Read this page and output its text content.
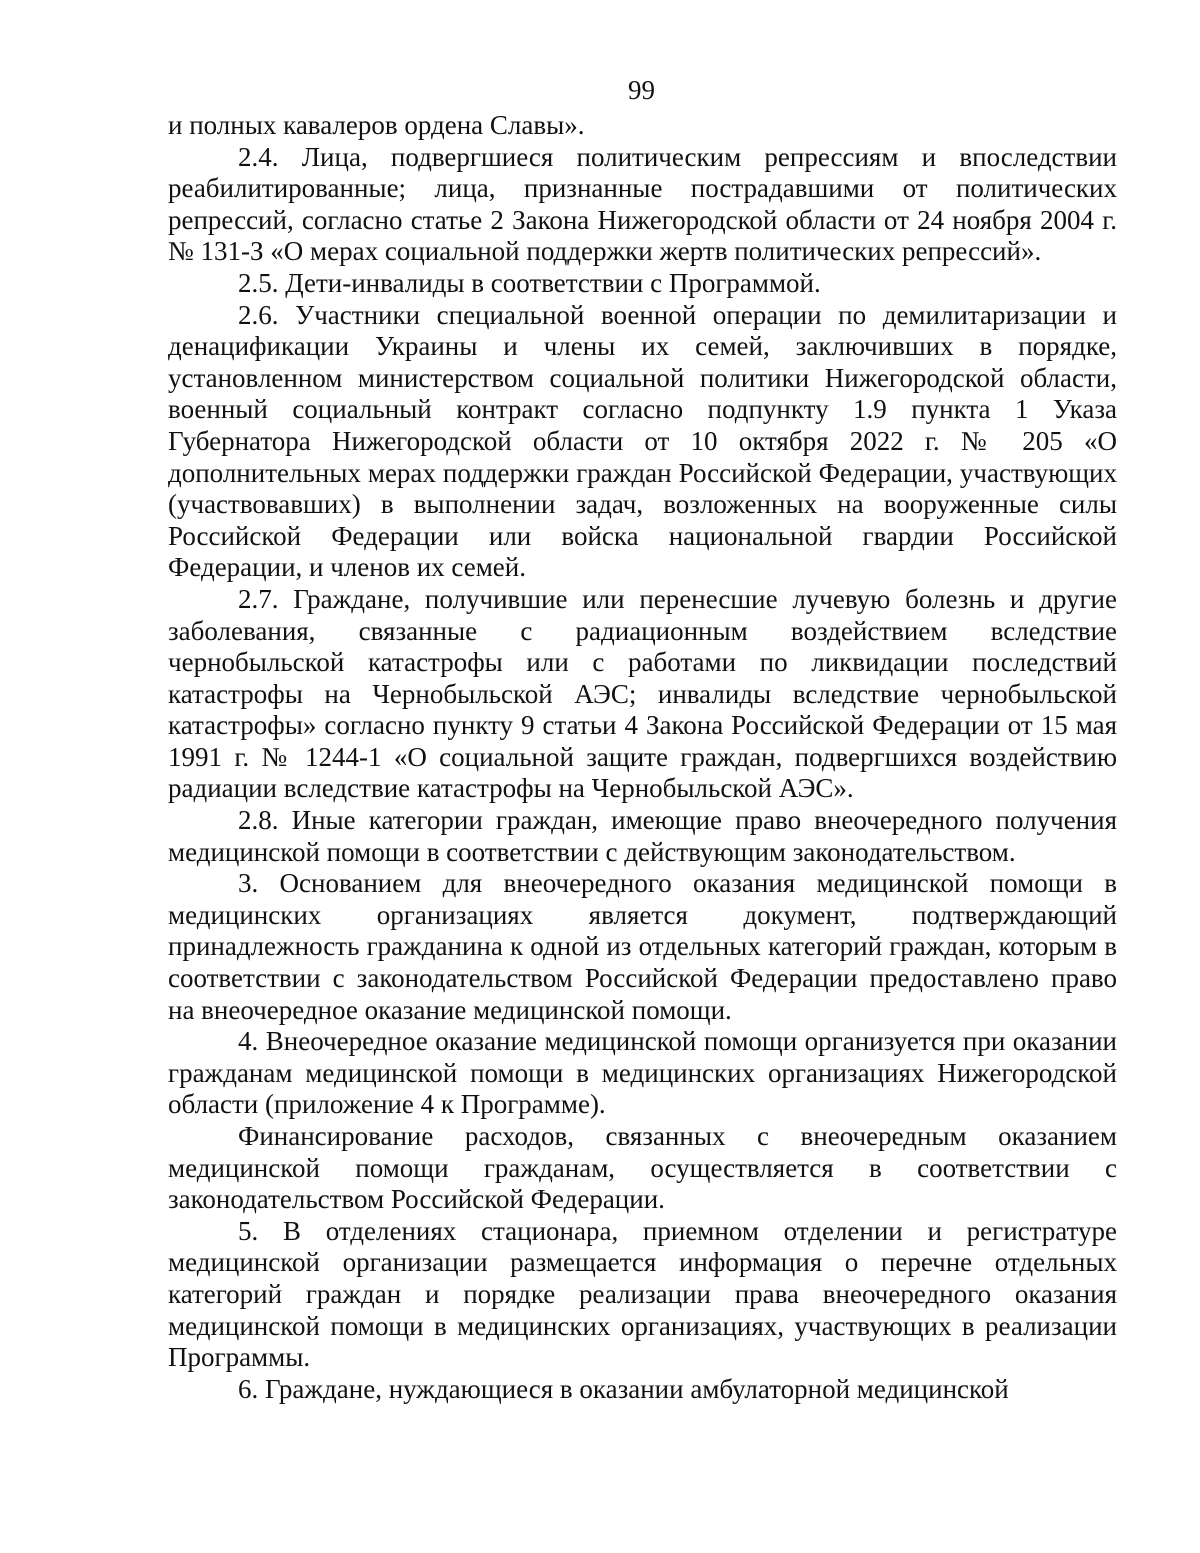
99

и полных кавалеров ордена Славы».

2.4. Лица, подвергшиеся политическим репрессиям и впоследствии реабилитированные; лица, признанные пострадавшими от политических репрессий, согласно статье 2 Закона Нижегородской области от 24 ноября 2004 г. № 131-З «О мерах социальной поддержки жертв политических репрессий».

2.5. Дети-инвалиды в соответствии с Программой.

2.6. Участники специальной военной операции по демилитаризации и денацификации Украины и члены их семей, заключивших в порядке, установленном министерством социальной политики Нижегородской области, военный социальный контракт согласно подпункту 1.9 пункта 1 Указа Губернатора Нижегородской области от 10 октября 2022 г. № 205 «О дополнительных мерах поддержки граждан Российской Федерации, участвующих (участвовавших) в выполнении задач, возложенных на вооруженные силы Российской Федерации или войска национальной гвардии Российской Федерации, и членов их семей.

2.7. Граждане, получившие или перенесшие лучевую болезнь и другие заболевания, связанные с радиационным воздействием вследствие чернобыльской катастрофы или с работами по ликвидации последствий катастрофы на Чернобыльской АЭС; инвалиды вследствие чернобыльской катастрофы» согласно пункту 9 статьи 4 Закона Российской Федерации от 15 мая 1991 г. № 1244-1 «О социальной защите граждан, подвергшихся воздействию радиации вследствие катастрофы на Чернобыльской АЭС».

2.8. Иные категории граждан, имеющие право внеочередного получения медицинской помощи в соответствии с действующим законодательством.

3. Основанием для внеочередного оказания медицинской помощи в медицинских организациях является документ, подтверждающий принадлежность гражданина к одной из отдельных категорий граждан, которым в соответствии с законодательством Российской Федерации предоставлено право на внеочередное оказание медицинской помощи.

4. Внеочередное оказание медицинской помощи организуется при оказании гражданам медицинской помощи в медицинских организациях Нижегородской области (приложение 4 к Программе).

Финансирование расходов, связанных с внеочередным оказанием медицинской помощи гражданам, осуществляется в соответствии с законодательством Российской Федерации.

5. В отделениях стационара, приемном отделении и регистратуре медицинской организации размещается информация о перечне отдельных категорий граждан и порядке реализации права внеочередного оказания медицинской помощи в медицинских организациях, участвующих в реализации Программы.

6. Граждане, нуждающиеся в оказании амбулаторной медицинской
